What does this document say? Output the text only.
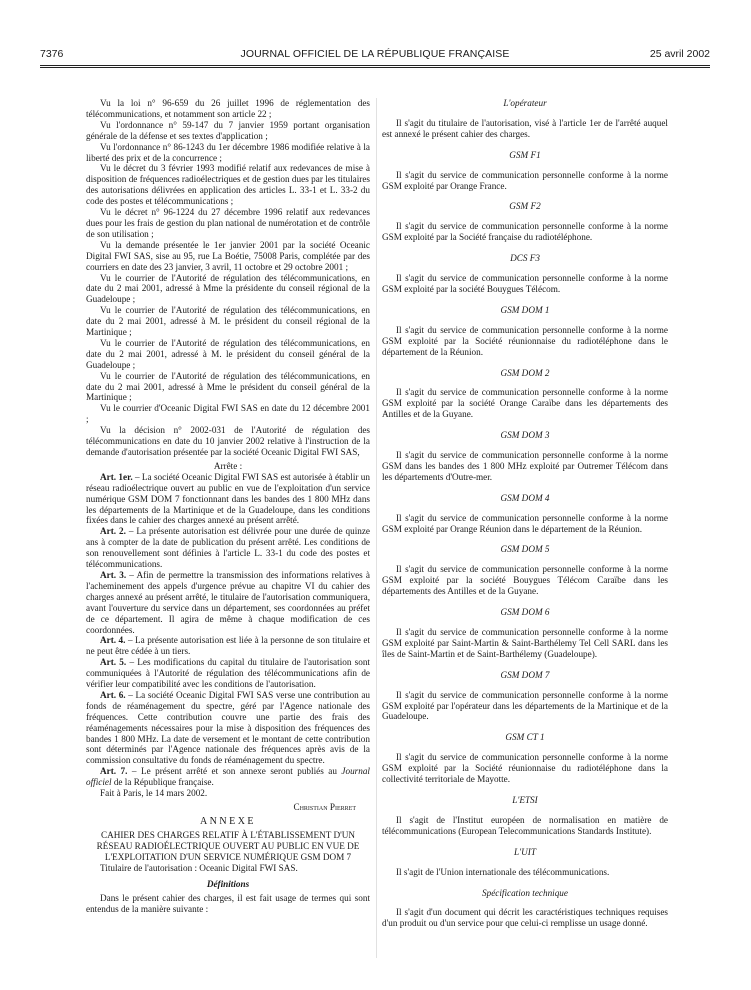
7376	JOURNAL OFFICIEL DE LA RÉPUBLIQUE FRANÇAISE	25 avril 2002

Vu la loi n° 96-659 du 26 juillet 1996 de réglementation des télécommunications, et notamment son article 22 ;

Vu l'ordonnance n° 59-147 du 7 janvier 1959 portant organisation générale de la défense et ses textes d'application ;

Vu l'ordonnance n° 86-1243 du 1er décembre 1986 modifiée relative à la liberté des prix et de la concurrence ;

Vu le décret du 3 février 1993 modifié relatif aux redevances de mise à disposition de fréquences radioélectriques et de gestion dues par les titulaires des autorisations délivrées en application des articles L. 33-1 et L. 33-2 du code des postes et télécommunications ;

Vu le décret n° 96-1224 du 27 décembre 1996 relatif aux redevances dues pour les frais de gestion du plan national de numérotation et de contrôle de son utilisation ;

Vu la demande présentée le 1er janvier 2001 par la société Oceanic Digital FWI SAS, sise au 95, rue La Boétie, 75008 Paris, complétée par des courriers en date des 23 janvier, 3 avril, 11 octobre et 29 octobre 2001 ;

Vu le courrier de l'Autorité de régulation des télécommunications, en date du 2 mai 2001, adressé à Mme la présidente du conseil régional de la Guadeloupe ;

Vu le courrier de l'Autorité de régulation des télécommunications, en date du 2 mai 2001, adressé à M. le président du conseil régional de la Martinique ;

Vu le courrier de l'Autorité de régulation des télécommunications, en date du 2 mai 2001, adressé à M. le président du conseil général de la Guadeloupe ;

Vu le courrier de l'Autorité de régulation des télécommunications, en date du 2 mai 2001, adressé à Mme le président du conseil général de la Martinique ;

Vu le courrier d'Oceanic Digital FWI SAS en date du 12 décembre 2001 ;

Vu la décision n° 2002-031 de l'Autorité de régulation des télécommunications en date du 10 janvier 2002 relative à l'instruction de la demande d'autorisation présentée par la société Oceanic Digital FWI SAS,

Arrête :

Art. 1er. – La société Oceanic Digital FWI SAS est autorisée à établir un réseau radioélectrique ouvert au public en vue de l'exploitation d'un service numérique GSM DOM 7 fonctionnant dans les bandes des 1 800 MHz dans les départements de la Martinique et de la Guadeloupe, dans les conditions fixées dans le cahier des charges annexé au présent arrêté.

Art. 2. – La présente autorisation est délivrée pour une durée de quinze ans à compter de la date de publication du présent arrêté. Les conditions de son renouvellement sont définies à l'article L. 33-1 du code des postes et télécommunications.

Art. 3. – Afin de permettre la transmission des informations relatives à l'acheminement des appels d'urgence prévue au chapitre VI du cahier des charges annexé au présent arrêté, le titulaire de l'autorisation communiquera, avant l'ouverture du service dans un département, ses coordonnées au préfet de ce département. Il agira de même à chaque modification de ces coordonnées.

Art. 4. – La présente autorisation est liée à la personne de son titulaire et ne peut être cédée à un tiers.

Art. 5. – Les modifications du capital du titulaire de l'autorisation sont communiquées à l'Autorité de régulation des télécommunications afin de vérifier leur compatibilité avec les conditions de l'autorisation.

Art. 6. – La société Oceanic Digital FWI SAS verse une contribution au fonds de réaménagement du spectre, géré par l'Agence nationale des fréquences. Cette contribution couvre une partie des frais des réaménagements nécessaires pour la mise à disposition des fréquences des bandes 1 800 MHz. La date de versement et le montant de cette contribution sont déterminés par l'Agence nationale des fréquences après avis de la commission consultative du fonds de réaménagement du spectre.

Art. 7. – Le présent arrêté et son annexe seront publiés au Journal officiel de la République française.

Fait à Paris, le 14 mars 2002.

Christian Pierret

ANNEXE

CAHIER DES CHARGES RELATIF À L'ÉTABLISSEMENT D'UN RÉSEAU RADIOÉLECTRIQUE OUVERT AU PUBLIC EN VUE DE L'EXPLOITATION D'UN SERVICE NUMÉRIQUE GSM DOM 7

Titulaire de l'autorisation : Oceanic Digital FWI SAS.

Définitions

Dans le présent cahier des charges, il est fait usage de termes qui sont entendus de la manière suivante :

L'opérateur

Il s'agit du titulaire de l'autorisation, visé à l'article 1er de l'arrêté auquel est annexé le présent cahier des charges.

GSM F1

Il s'agit du service de communication personnelle conforme à la norme GSM exploité par Orange France.

GSM F2

Il s'agit du service de communication personnelle conforme à la norme GSM exploité par la Société française du radiotéléphone.

DCS F3

Il s'agit du service de communication personnelle conforme à la norme GSM exploité par la société Bouygues Télécom.

GSM DOM 1

Il s'agit du service de communication personnelle conforme à la norme GSM exploité par la Société réunionnaise du radiotéléphone dans le département de la Réunion.

GSM DOM 2

Il s'agit du service de communication personnelle conforme à la norme GSM exploité par la société Orange Caraïbe dans les départements des Antilles et de la Guyane.

GSM DOM 3

Il s'agit du service de communication personnelle conforme à la norme GSM dans les bandes des 1 800 MHz exploité par Outremer Télécom dans les départements d'Outre-mer.

GSM DOM 4

Il s'agit du service de communication personnelle conforme à la norme GSM exploité par Orange Réunion dans le département de la Réunion.

GSM DOM 5

Il s'agit du service de communication personnelle conforme à la norme GSM exploité par la société Bouygues Télécom Caraïbe dans les départements des Antilles et de la Guyane.

GSM DOM 6

Il s'agit du service de communication personnelle conforme à la norme GSM exploité par Saint-Martin & Saint-Barthélemy Tel Cell SARL dans les îles de Saint-Martin et de Saint-Barthélemy (Guadeloupe).

GSM DOM 7

Il s'agit du service de communication personnelle conforme à la norme GSM exploité par l'opérateur dans les départements de la Martinique et de la Guadeloupe.

GSM CT 1

Il s'agit du service de communication personnelle conforme à la norme GSM exploité par la Société réunionnaise du radiotéléphone dans la collectivité territoriale de Mayotte.

L'ETSI

Il s'agit de l'Institut européen de normalisation en matière de télécommunications (European Telecommunications Standards Institute).

L'UIT

Il s'agit de l'Union internationale des télécommunications.

Spécification technique

Il s'agit d'un document qui décrit les caractéristiques techniques requises d'un produit ou d'un service pour que celui-ci remplisse un usage donné.
